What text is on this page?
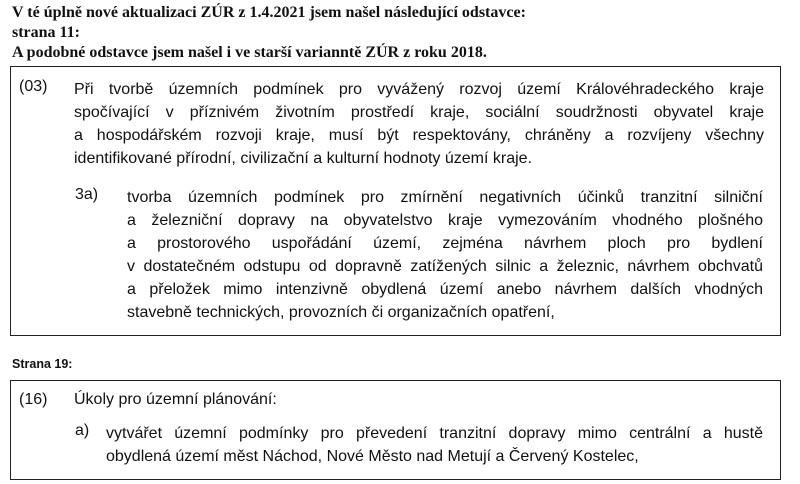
V té úplně nové aktualizaci ZÚR z 1.4.2021 jsem našel následující odstavce:
strana 11:
A podobné odstavce jsem našel i ve starší varianntě ZÚR z roku 2018.
(03) Při tvorbě územních podmínek pro vyvážený rozvoj území Královéhradeckého kraje
spočívající v příznivém životním prostředí kraje, sociální soudržnosti obyvatel kraje
a hospodářském rozvoji kraje, musí být respektovány, chráněny a rozvíjeny všechny
identifikované přírodní, civilizační a kulturní hodnoty území kraje.
3a) tvorba územních podmínek pro zmírnění negativních účinků tranzitní silniční
a železniční dopravy na obyvatelstvo kraje vymezováním vhodného plošného
a prostorového uspořádání území, zejména návrhem ploch pro bydlení
v dostatečném odstupu od dopravně zatížených silnic a železnic, návrhem obchvatů
a přeložek mimo intenzivně obydlená území anebo návrhem dalších vhodných
stavebně technických, provozních či organizačních opatření,
Strana 19:
(16) Úkoly pro územní plánování:
a) vytvářet územní podmínky pro převedení tranzitní dopravy mimo centrální a hustě
obydlená území měst Náchod, Nové Město nad Metují a Červený Kostelec,
